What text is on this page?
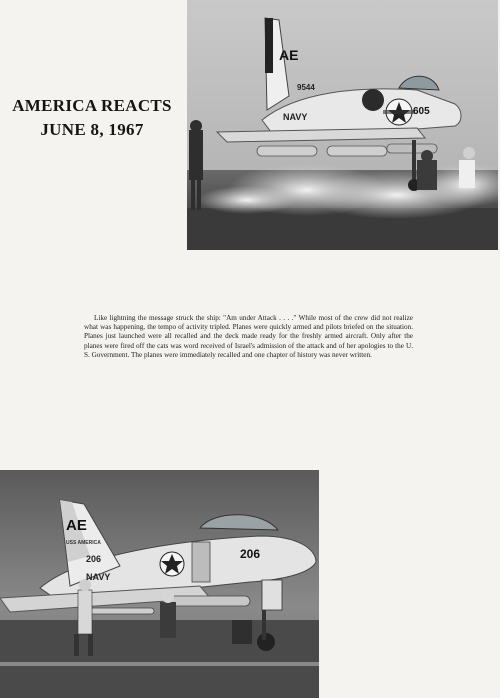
AMERICA REACTS
JUNE 8, 1967
AE
9544
605
NAVY

Like lightning the message struck the ship: "Am under Attack . . . ." While most of the crew did not realize what was happening, the tempo of activity tripled. Planes were quickly armed and pilots briefed on the situation. Planes just launched were all recalled and the deck made ready for the freshly armed aircraft. Only after the planes were fired off the cats was word received of Israel's admission of the attack and of her apologies to the U. S. Government. The planes were immediately recalled and one chapter of history was never written.

AE
206	206
NAVY
USS AMERICA
